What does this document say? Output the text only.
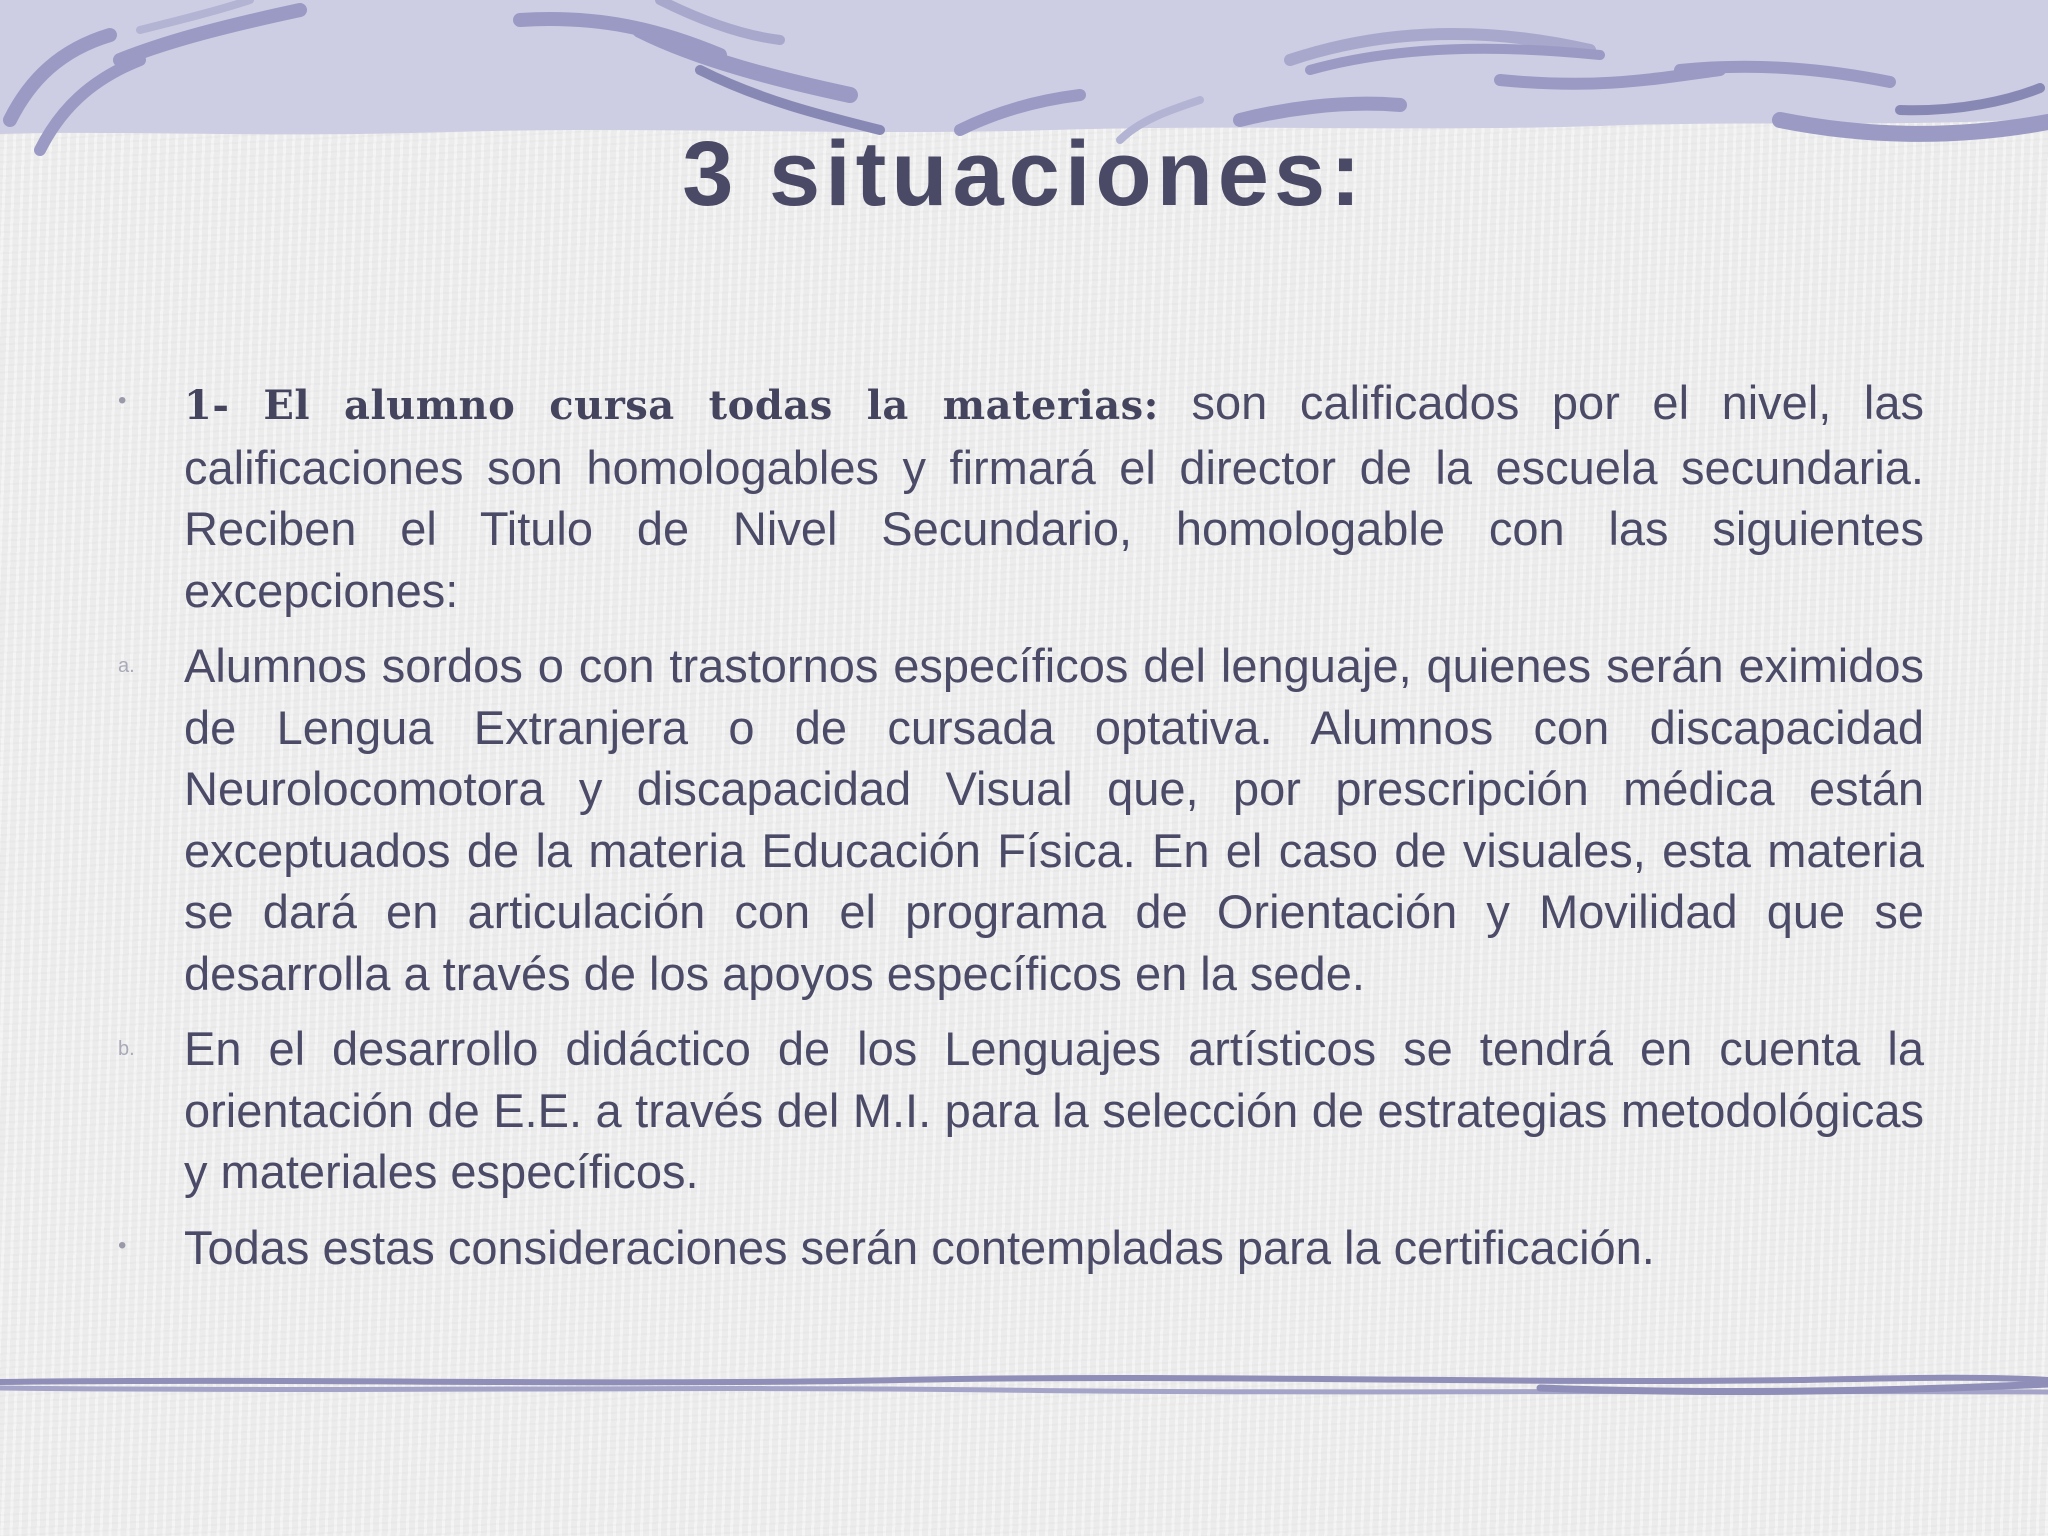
3 situaciones:
• 1- El alumno cursa todas la materias: son calificados por el nivel, las calificaciones son homologables y firmará el director de la escuela secundaria. Reciben el Titulo de Nivel Secundario, homologable con las siguientes excepciones:
a. Alumnos sordos o con trastornos específicos del lenguaje, quienes serán eximidos de Lengua Extranjera o de cursada optativa. Alumnos con discapacidad Neurolocomotora y discapacidad Visual que, por prescripción médica están exceptuados de la materia Educación Física. En el caso de visuales, esta materia se dará en articulación con el programa de Orientación y Movilidad que se desarrolla a través de los apoyos específicos en la sede.
b. En el desarrollo didáctico de los Lenguajes artísticos se tendrá en cuenta la orientación de E.E. a través del M.I. para la selección de estrategias metodológicas y materiales específicos.
• Todas estas consideraciones serán contempladas para la certificación.
